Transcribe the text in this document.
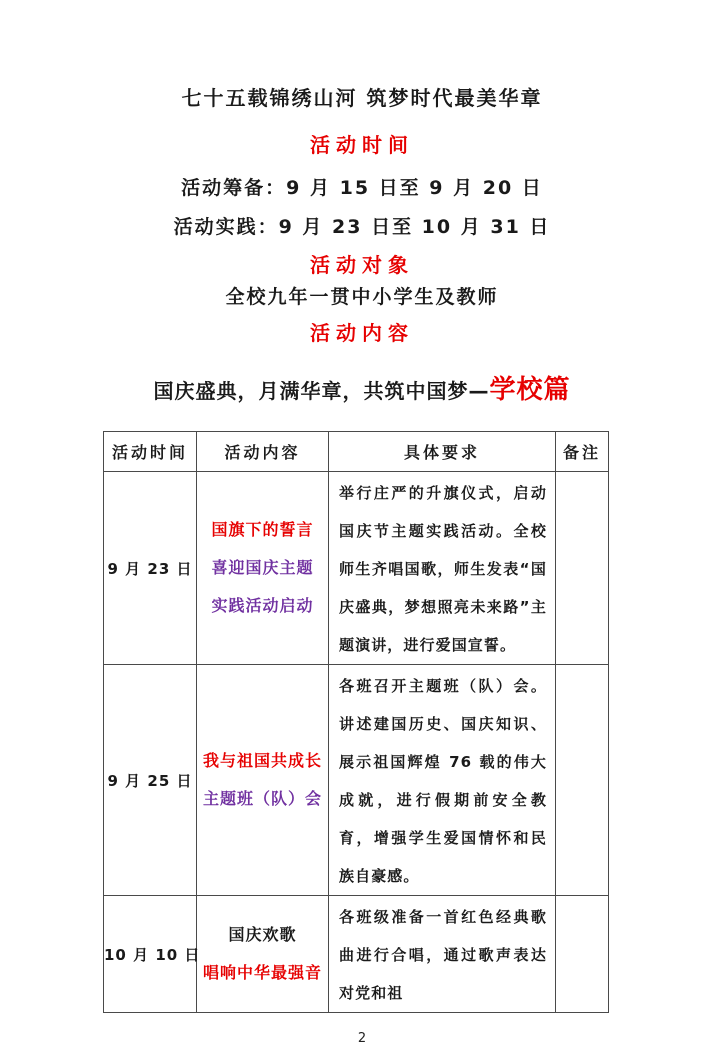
七十五载锦绣山河 筑梦时代最美华章
活动时间
活动筹备：9 月 15 日至 9 月 20 日
活动实践：9 月 23 日至 10 月 31 日
活动对象
全校九年一贯中小学生及教师
活动内容
国庆盛典，月满华章，共筑中国梦—学校篇
活动时间	活动内容	具体要求	备注
9 月 23 日	国旗下的誓言
喜迎国庆主题
实践活动启动	举行庄严的升旗仪式，启动国庆节主题实践活动。全校师生齐唱国歌，师生发表“国庆盛典，梦想照亮未来路”主题演讲，进行爱国宣誓。	

9 月 25 日	我与祖国共成长
主题班（队）会	各班召开主题班（队）会。讲述建国历史、国庆知识、展示祖国辉煌 76 载的伟大成就，进行假期前安全教育，增强学生爱国情怀和民族自豪感。	

10 月 10 日	国庆欢歌
唱响中华最强音	各班级准备一首红色经典歌曲进行合唱，通过歌声表达对党和祖	

2
